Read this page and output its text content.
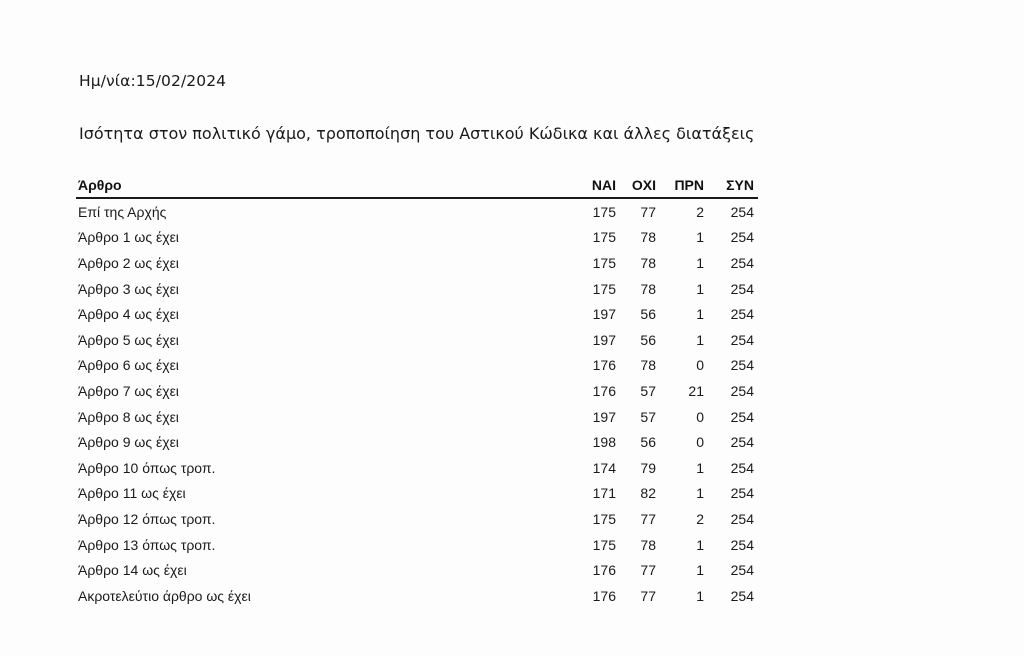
Ημ/νία:15/02/2024
Ισότητα στον πολιτικό γάμο, τροποποίηση του Αστικού Κώδικα και άλλες διατάξεις
Άρθρο	ΝΑΙ	ΟΧΙ	ΠΡΝ	ΣΥΝ
Επί της Αρχής	175	77	2	254
Άρθρο 1 ως έχει	175	78	1	254
Άρθρο 2 ως έχει	175	78	1	254
Άρθρο 3 ως έχει	175	78	1	254
Άρθρο 4 ως έχει	197	56	1	254
Άρθρο 5 ως έχει	197	56	1	254
Άρθρο 6 ως έχει	176	78	0	254
Άρθρο 7 ως έχει	176	57	21	254
Άρθρο 8 ως έχει	197	57	0	254
Άρθρο 9 ως έχει	198	56	0	254
Άρθρο 10 όπως τροπ.	174	79	1	254
Άρθρο 11 ως έχει	171	82	1	254
Άρθρο 12 όπως τροπ.	175	77	2	254
Άρθρο 13 όπως τροπ.	175	78	1	254
Άρθρο 14 ως έχει	176	77	1	254
Ακροτελεύτιο άρθρο ως έχει	176	77	1	254
